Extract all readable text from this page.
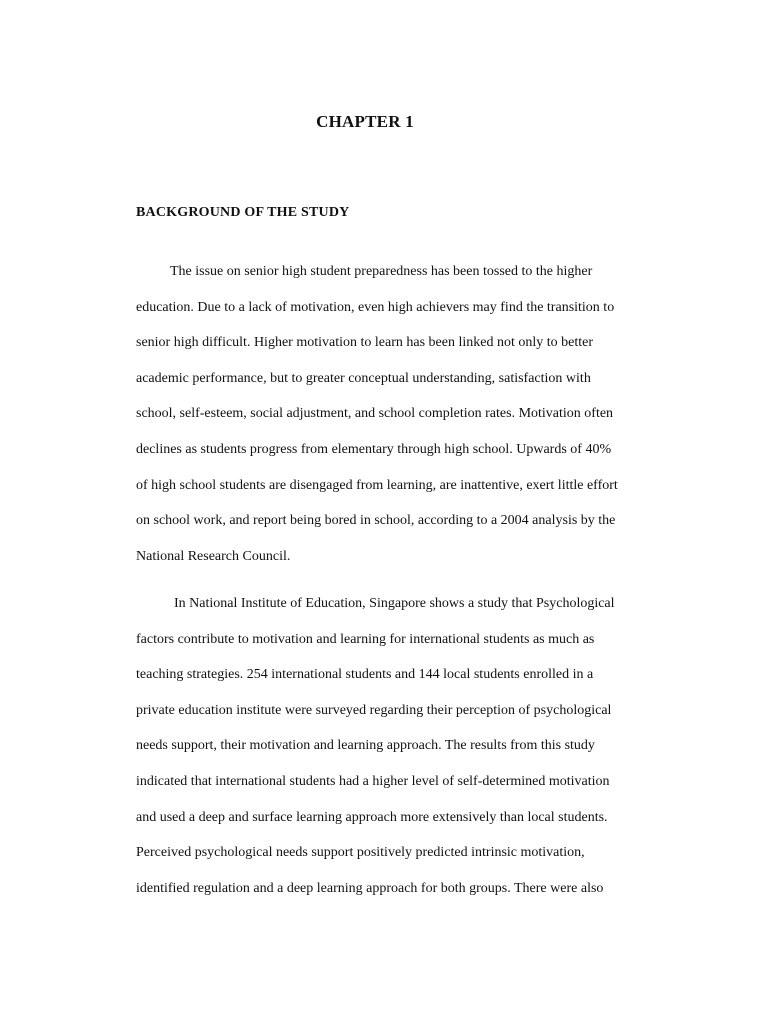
CHAPTER 1
BACKGROUND OF THE STUDY
The issue on senior high student preparedness has been tossed to the higher
education. Due to a lack of motivation, even high achievers may find the transition to
senior high difficult. Higher motivation to learn has been linked not only to better
academic performance, but to greater conceptual understanding, satisfaction with
school, self-esteem, social adjustment, and school completion rates. Motivation often
declines as students progress from elementary through high school. Upwards of 40%
of high school students are disengaged from learning, are inattentive, exert little effort
on school work, and report being bored in school, according to a 2004 analysis by the
National Research Council.
In National Institute of Education, Singapore shows a study that Psychological
factors contribute to motivation and learning for international students as much as
teaching strategies. 254 international students and 144 local students enrolled in a
private education institute were surveyed regarding their perception of psychological
needs support, their motivation and learning approach. The results from this study
indicated that international students had a higher level of self-determined motivation
and used a deep and surface learning approach more extensively than local students.
Perceived psychological needs support positively predicted intrinsic motivation,
identified regulation and a deep learning approach for both groups. There were also
